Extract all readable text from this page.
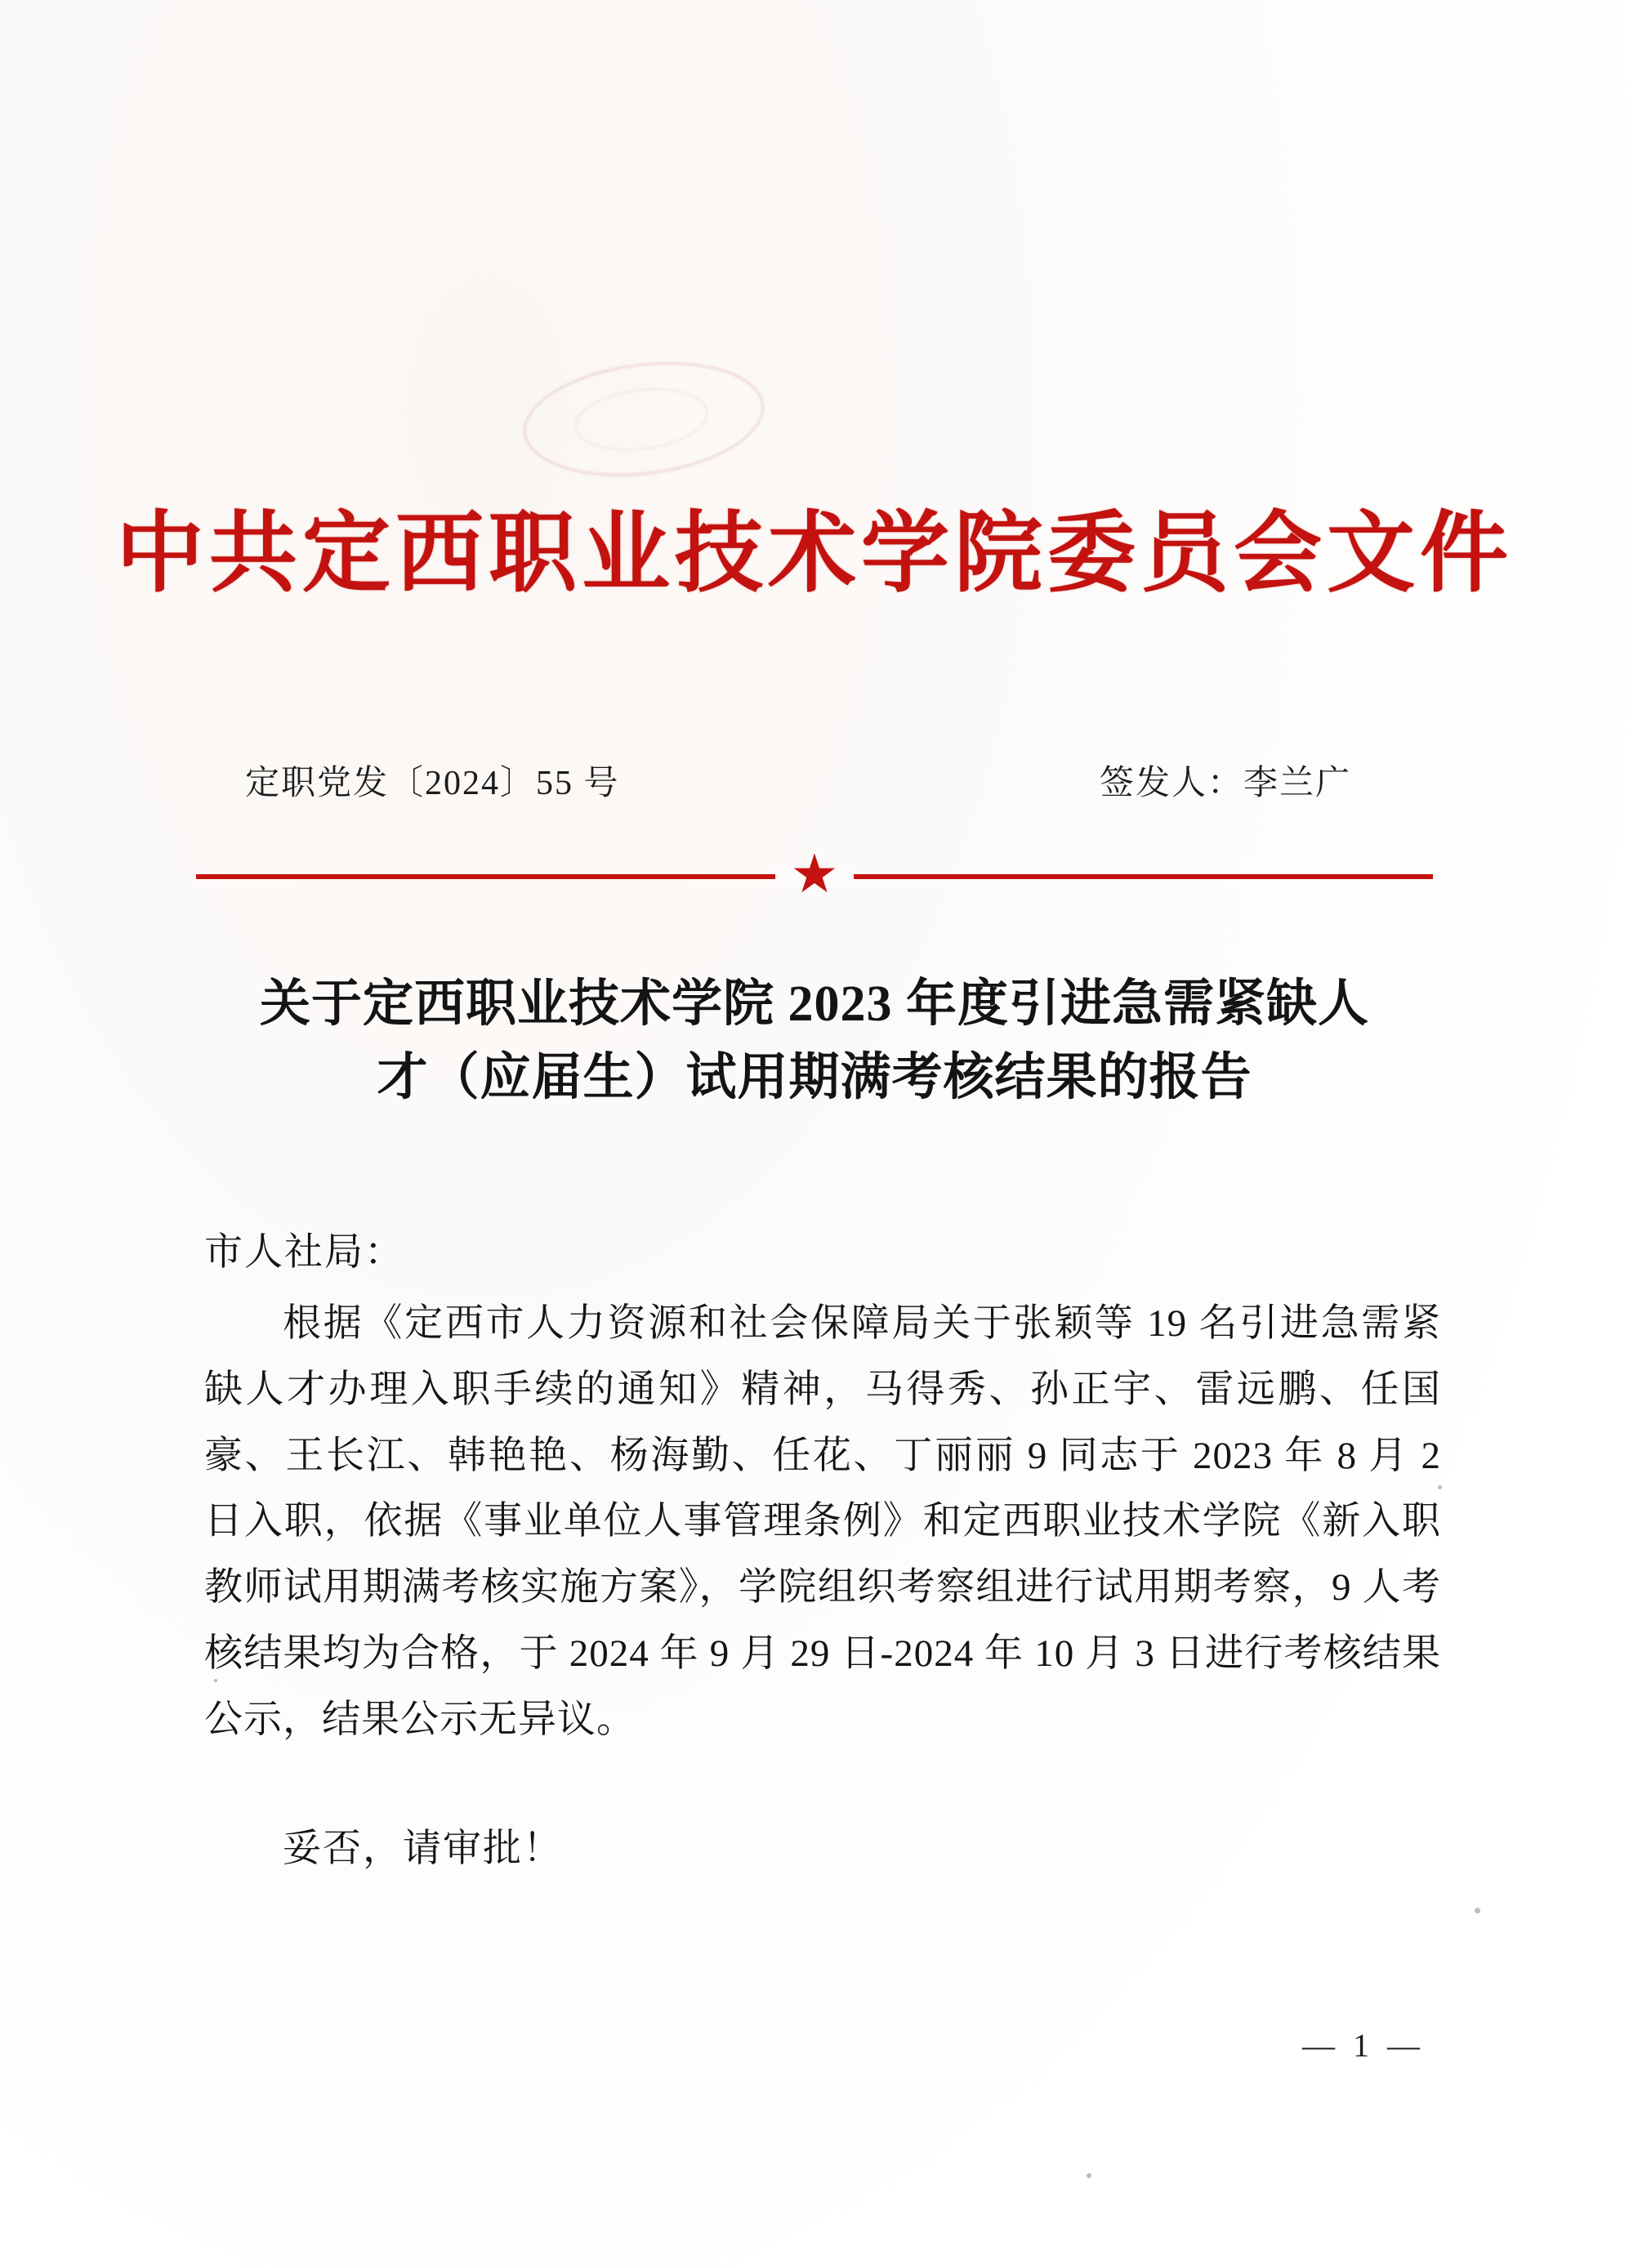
中共定西职业技术学院委员会文件
定职党发〔2024〕55 号	签发人：李兰广
★
关于定西职业技术学院 2023 年度引进急需紧缺人才（应届生）试用期满考核结果的报告
市人社局：

根据《定西市人力资源和社会保障局关于张颖等 19 名引进急需紧缺人才办理入职手续的通知》精神，马得秀、孙正宇、雷远鹏、任国豪、王长江、韩艳艳、杨海勤、任花、丁丽丽 9 同志于 2023 年 8 月 2 日入职，依据《事业单位人事管理条例》和定西职业技术学院《新入职教师试用期满考核实施方案》，学院组织考察组进行试用期考察，9 人考核结果均为合格，于 2024 年 9 月 29 日-2024 年 10 月 3 日进行考核结果公示，结果公示无异议。

妥否，请审批！
— 1 —
